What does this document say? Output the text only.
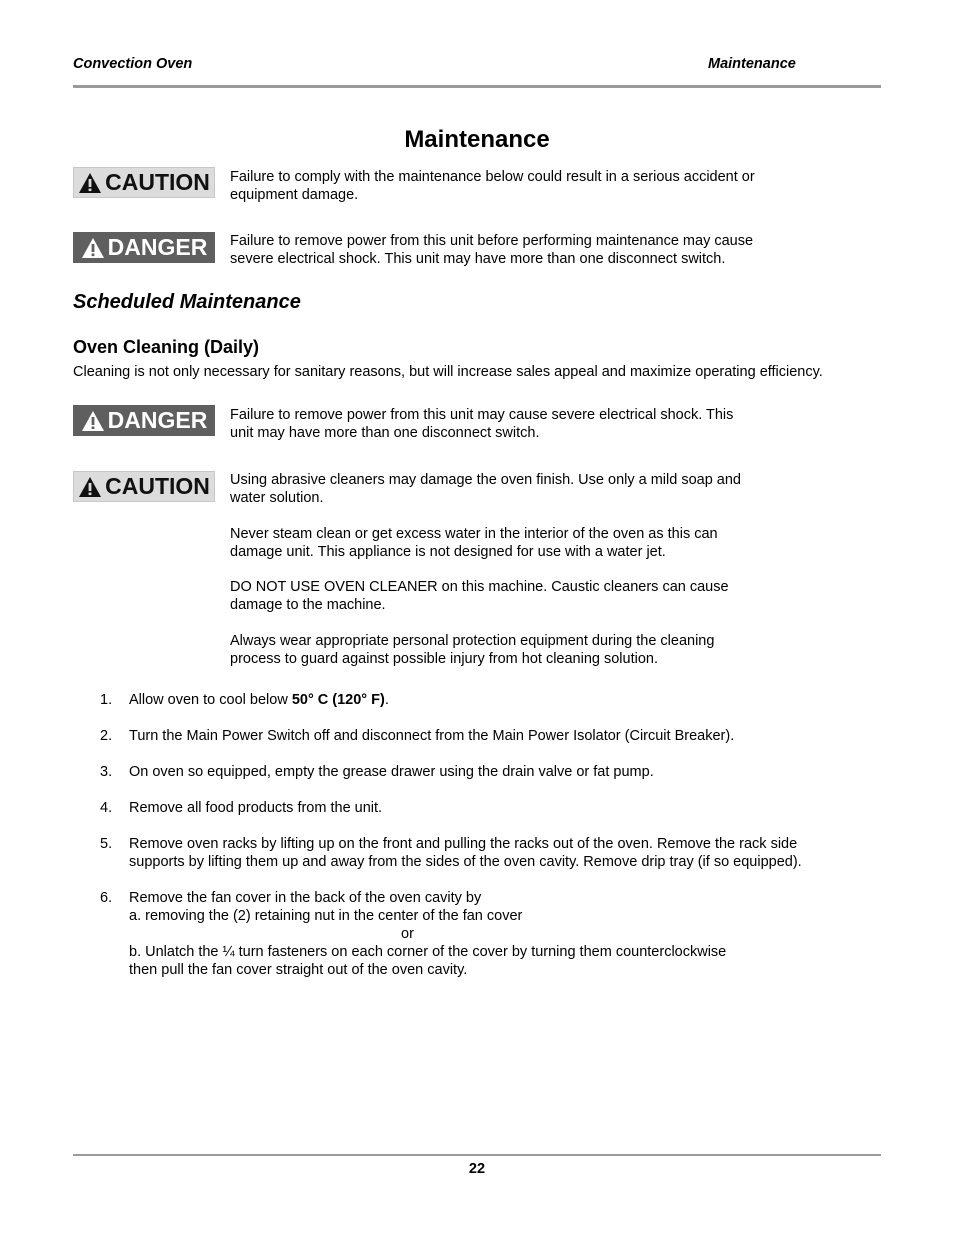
Convection Oven	Maintenance
Maintenance
CAUTION Failure to comply with the maintenance below could result in a serious accident or
equipment damage.
DANGER Failure to remove power from this unit before performing maintenance may cause
severe electrical shock. This unit may have more than one disconnect switch.
Scheduled Maintenance
Oven Cleaning (Daily)
Cleaning is not only necessary for sanitary reasons, but will increase sales appeal and maximize operating efficiency.
DANGER Failure to remove power from this unit may cause severe electrical shock. This
unit may have more than one disconnect switch.
CAUTION Using abrasive cleaners may damage the oven finish. Use only a mild soap and
water solution.
Never steam clean or get excess water in the interior of the oven as this can
damage unit. This appliance is not designed for use with a water jet.
DO NOT USE OVEN CLEANER on this machine. Caustic cleaners can cause
damage to the machine.
Always wear appropriate personal protection equipment during the cleaning
process to guard against possible injury from hot cleaning solution.
1. Allow oven to cool below 50° C (120° F).
2. Turn the Main Power Switch off and disconnect from the Main Power Isolator (Circuit Breaker).
3. On oven so equipped, empty the grease drawer using the drain valve or fat pump.
4. Remove all food products from the unit.
5. Remove oven racks by lifting up on the front and pulling the racks out of the oven. Remove the rack side
supports by lifting them up and away from the sides of the oven cavity. Remove drip tray (if so equipped).
6. Remove the fan cover in the back of the oven cavity by
a. removing the (2) retaining nut in the center of the fan cover
or
b. Unlatch the ¼ turn fasteners on each corner of the cover by turning them counterclockwise
then pull the fan cover straight out of the oven cavity.
22
